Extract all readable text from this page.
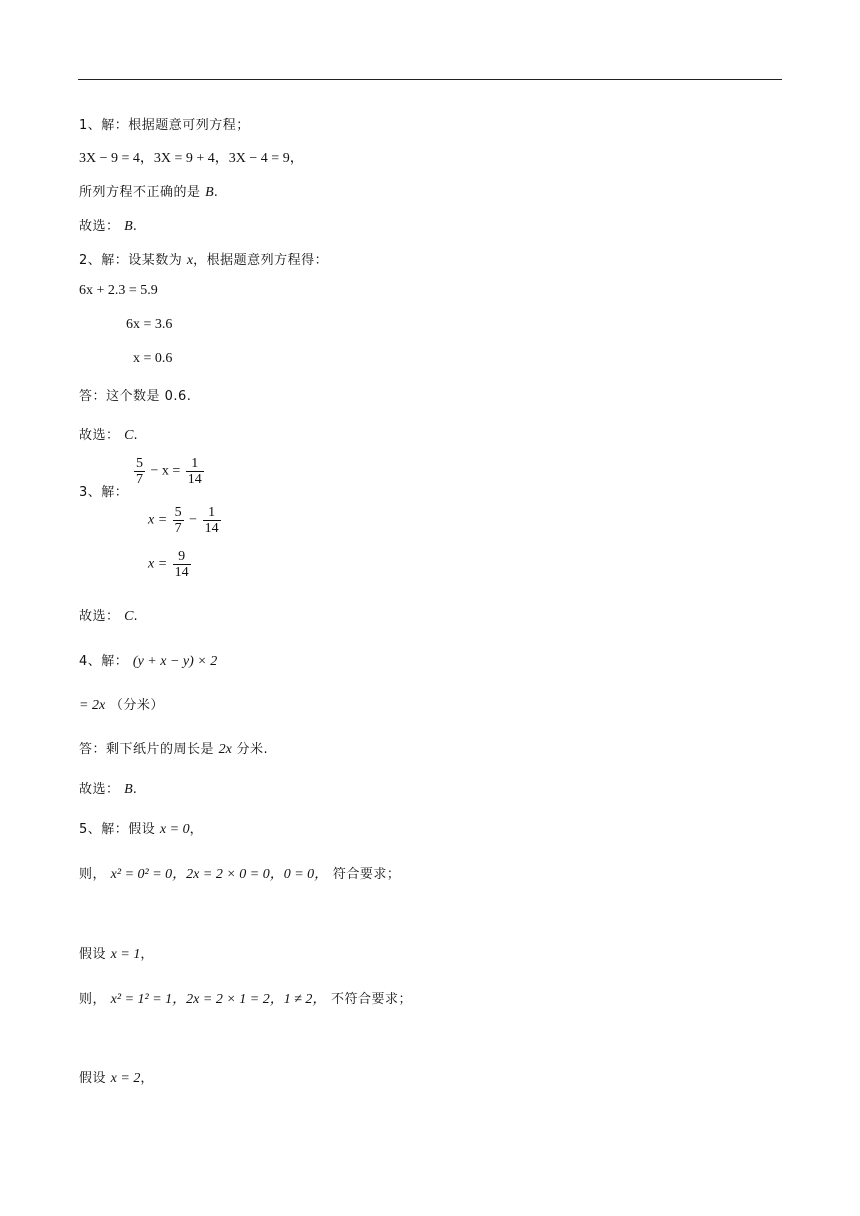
1、解：根据题意可列方程；
3X − 9 = 4，3X = 9 + 4，3X − 4 = 9，
所列方程不正确的是 B.
故选： B.
2、解：设某数为 x，根据题意列方程得：
6x + 2.3 = 5.9
6x = 3.6
x = 0.6
答：这个数是 0.6.
故选： C.
3、解：
$\frac{5}{7} - x = \frac{1}{14}$
$x = \frac{5}{7} - \frac{1}{14}$
$x = \frac{9}{14}$
故选： C.
4、解： (y + x − y) × 2
= 2x （分米）
答：剩下纸片的周长是 2x 分米.
故选： B.
5、解：假设 x = 0，
则， x² = 0² = 0，2x = 2 × 0 = 0，0 = 0， 符合要求；
假设 x = 1，
则， x² = 1² = 1，2x = 2 × 1 = 2，1 ≠ 2， 不符合要求；
假设 x = 2，
